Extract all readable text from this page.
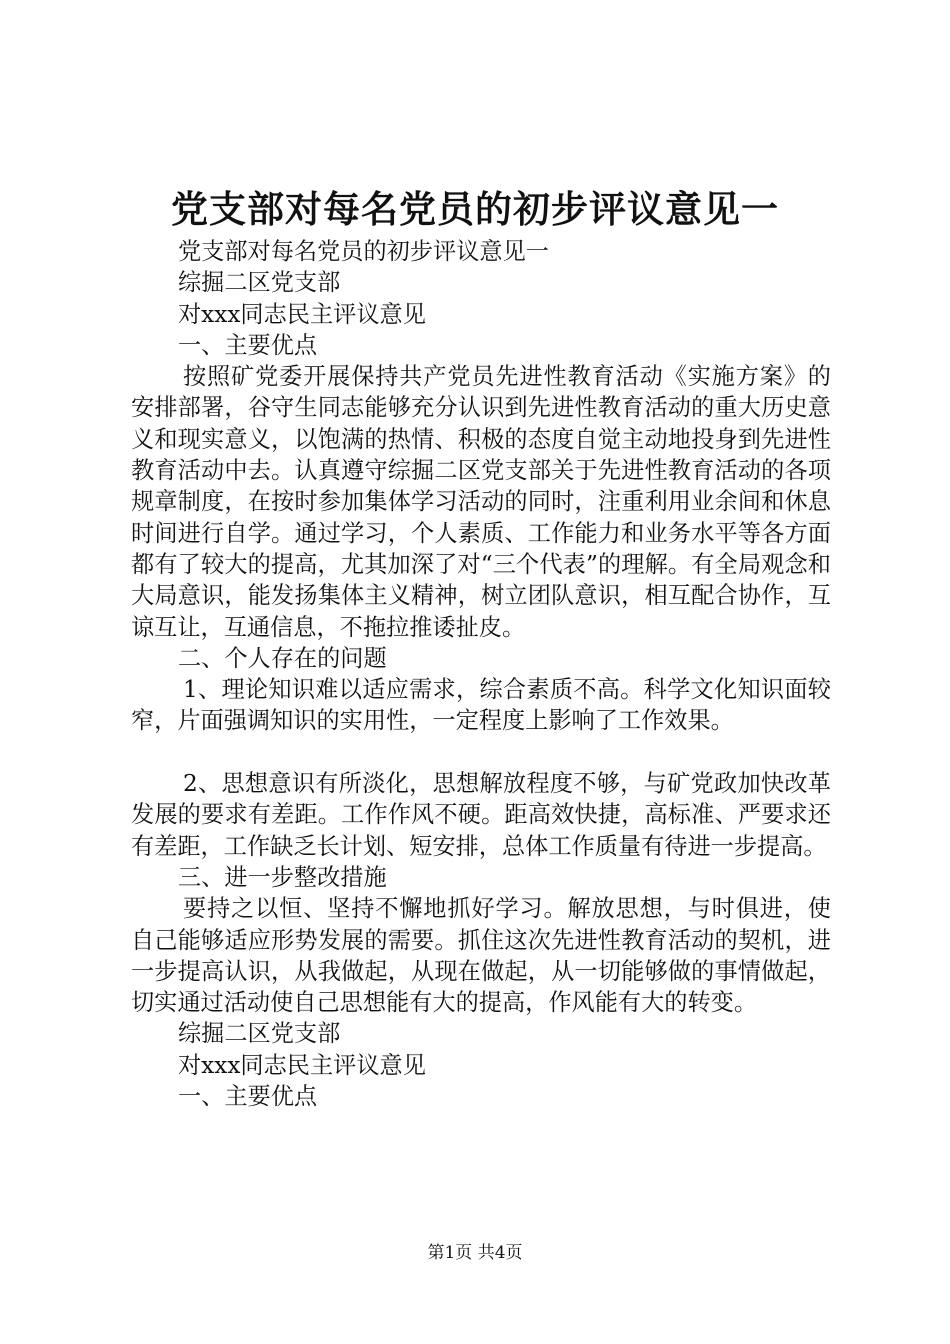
党支部对每名党员的初步评议意见一
党支部对每名党员的初步评议意见一
综掘二区党支部
对xxx同志民主评议意见
一、主要优点
按照矿党委开展保持共产党员先进性教育活动《实施方案》的安排部署，谷守生同志能够充分认识到先进性教育活动的重大历史意义和现实意义，以饱满的热情、积极的态度自觉主动地投身到先进性教育活动中去。认真遵守综掘二区党支部关于先进性教育活动的各项规章制度，在按时参加集体学习活动的同时，注重利用业余间和休息时间进行自学。通过学习，个人素质、工作能力和业务水平等各方面都有了较大的提高，尤其加深了对“三个代表”的理解。有全局观念和大局意识，能发扬集体主义精神，树立团队意识，相互配合协作，互谅互让，互通信息，不拖拉推诿扯皮。
二、个人存在的问题
1、理论知识难以适应需求，综合素质不高。科学文化知识面较窄，片面强调知识的实用性，一定程度上影响了工作效果。
2、思想意识有所淡化，思想解放程度不够，与矿党政加快改革发展的要求有差距。工作作风不硬。距高效快捷，高标准、严要求还有差距，工作缺乏长计划、短安排，总体工作质量有待进一步提高。
三、进一步整改措施
要持之以恒、坚持不懈地抓好学习。解放思想，与时俱进，使自己能够适应形势发展的需要。抓住这次先进性教育活动的契机，进一步提高认识，从我做起，从现在做起，从一切能够做的事情做起，切实通过活动使自己思想能有大的提高，作风能有大的转变。
综掘二区党支部
对xxx同志民主评议意见
一、主要优点
第1页 共4页
